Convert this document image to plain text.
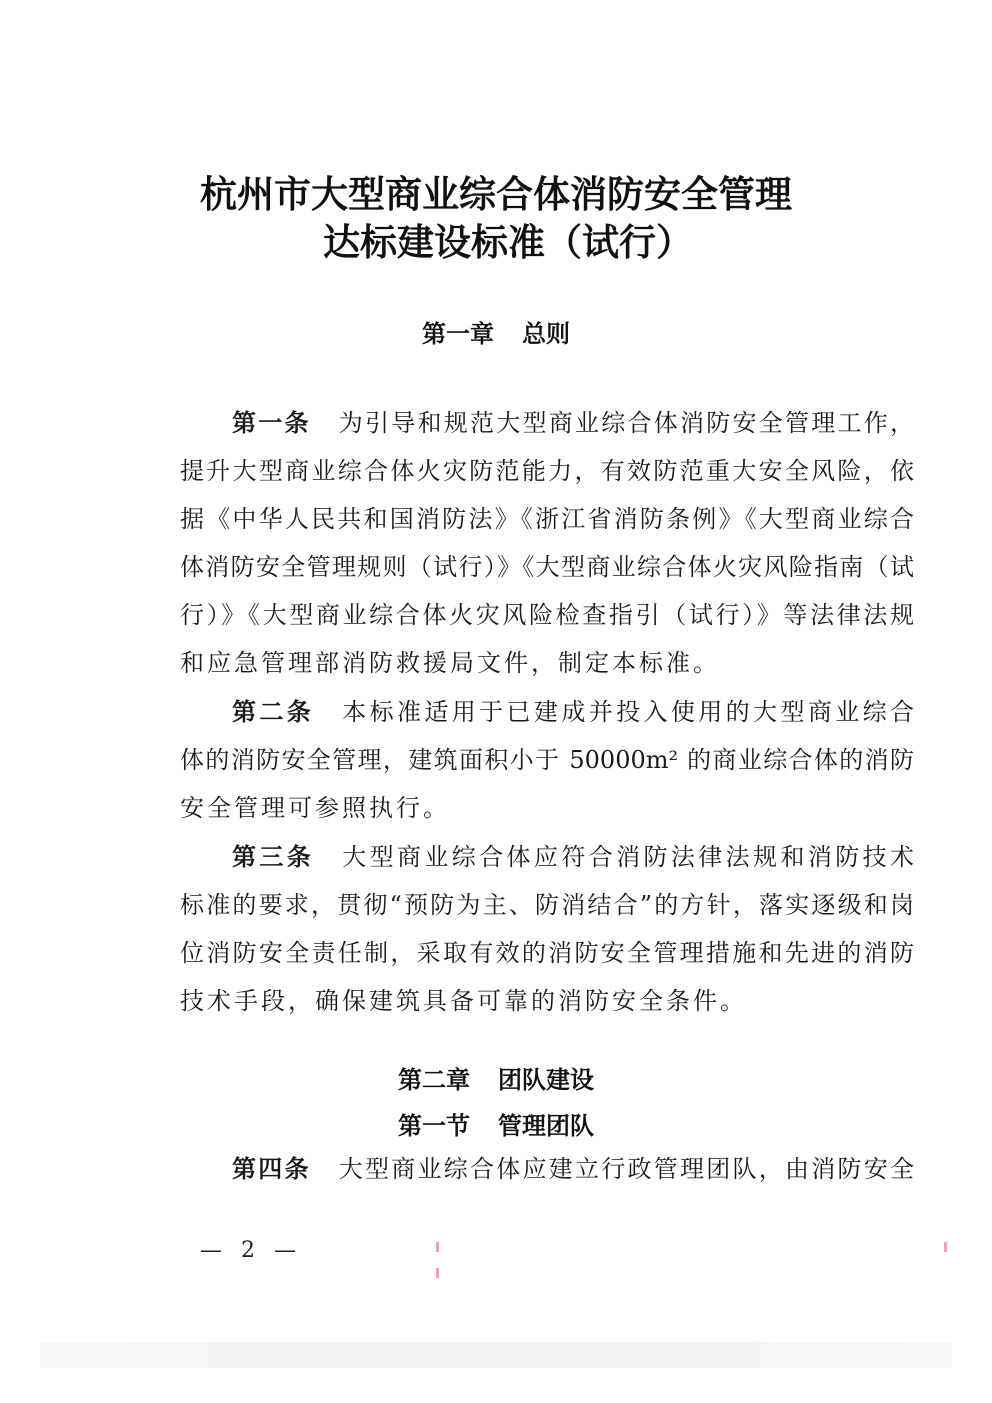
杭州市大型商业综合体消防安全管理
达标建设标准（试行）
第一章 总则
第一条 为引导和规范大型商业综合体消防安全管理工作，
提升大型商业综合体火灾防范能力，有效防范重大安全风险，依
据《中华人民共和国消防法》《浙江省消防条例》《大型商业综合
体消防安全管理规则（试行）》《大型商业综合体火灾风险指南（试
行）》《大型商业综合体火灾风险检查指引（试行）》等法律法规
和应急管理部消防救援局文件，制定本标准。
第二条 本标准适用于已建成并投入使用的大型商业综合
体的消防安全管理，建筑面积小于 50000m² 的商业综合体的消防
安全管理可参照执行。
第三条 大型商业综合体应符合消防法律法规和消防技术
标准的要求，贯彻“预防为主、防消结合”的方针，落实逐级和岗
位消防安全责任制，采取有效的消防安全管理措施和先进的消防
技术手段，确保建筑具备可靠的消防安全条件。
第二章 团队建设
第一节 管理团队
第四条 大型商业综合体应建立行政管理团队，由消防安全
— 2 —
